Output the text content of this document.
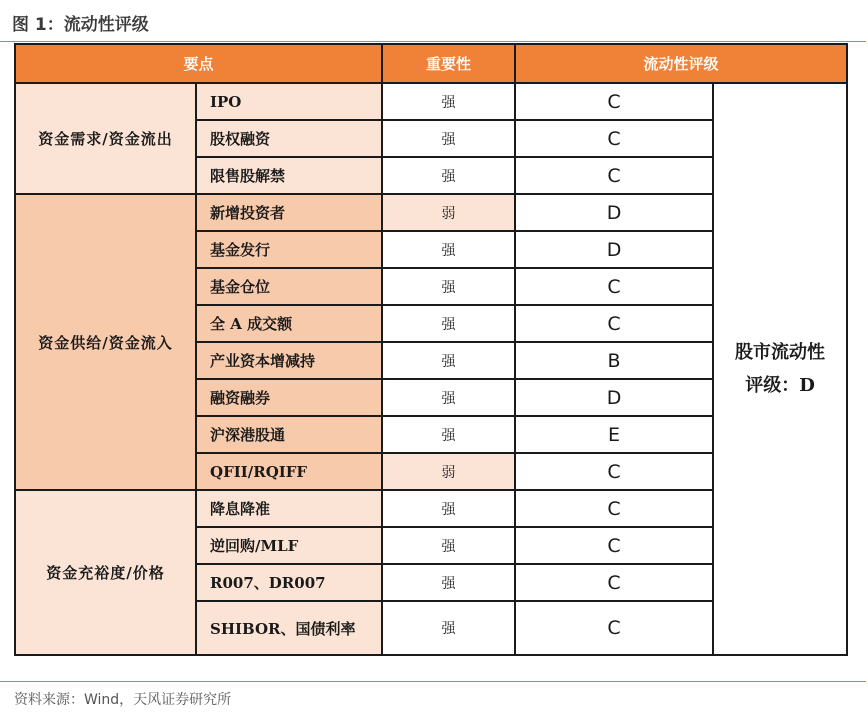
图 1：流动性评级
要点		重要性	流动性评级	
资金需求/资金流出	IPO	强	C	股市流动性
评级：D
	股权融资	强	C	
	限售股解禁	强	C	
资金供给/资金流入	新增投资者	弱	D	
	基金发行	强	D	
	基金仓位	强	C	
	全 A 成交额	强	C	
	产业资本增减持	强	B	
	融资融券	强	D	
	沪深港股通	强	E	
	QFII/RQIFF	弱	C	
资金充裕度/价格	降息降准	强	C	
	逆回购/MLF	强	C	
	R007、DR007	强	C	
	SHIBOR、国债利率	强	C	
资料来源：Wind，天风证券研究所
